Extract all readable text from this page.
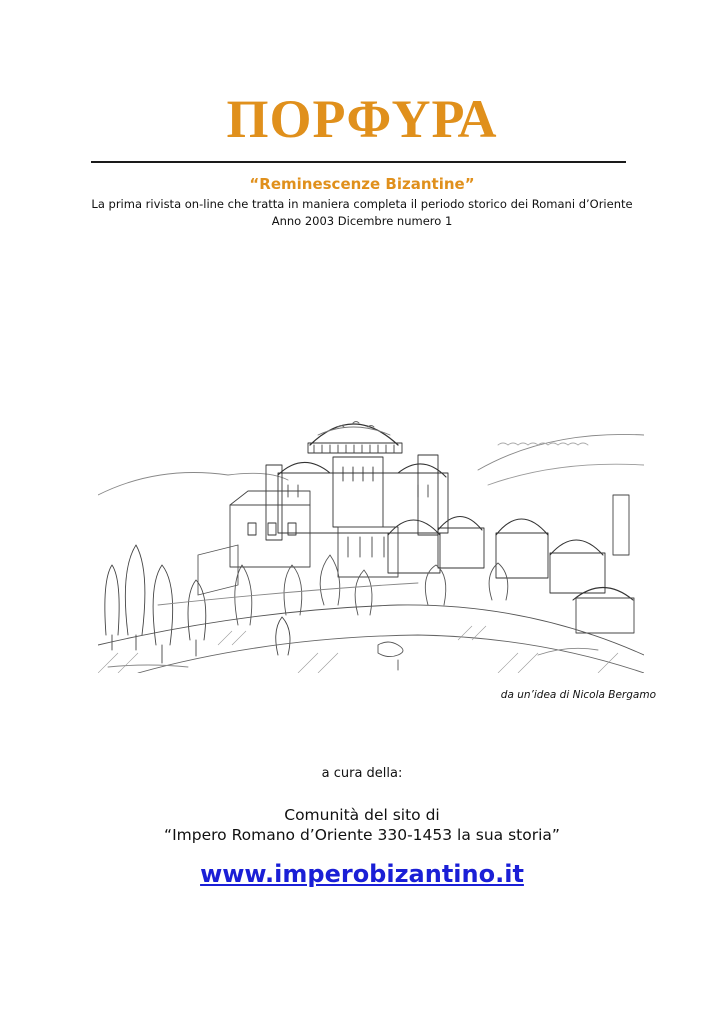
ΠΟΡΦΥΡΑ
“Reminescenze Bizantine”
La prima rivista on-line che tratta in maniera completa il periodo storico dei Romani d’Oriente
Anno 2003 Dicembre numero 1
da un’idea di Nicola Bergamo
a cura della:
Comunità del sito di
“Impero Romano d’Oriente 330-1453 la sua storia”
www.imperobizantino.it
